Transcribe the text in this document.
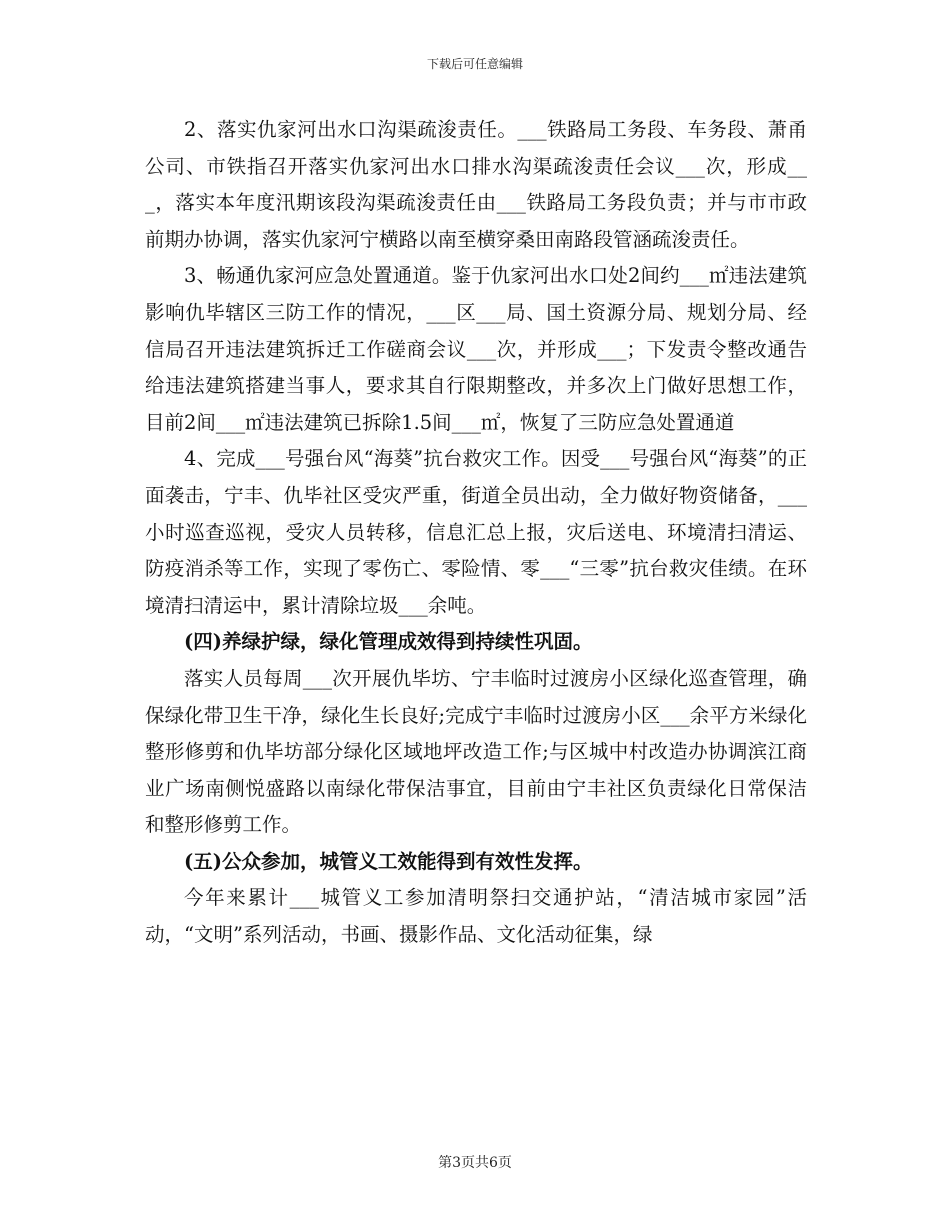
下载后可任意编辑

2、落实仇家河出水口沟渠疏浚责任。___铁路局工务段、车务段、萧甬公司、市铁指召开落实仇家河出水口排水沟渠疏浚责任会议___次，形成___，落实本年度汛期该段沟渠疏浚责任由___铁路局工务段负责；并与市市政前期办协调，落实仇家河宁横路以南至横穿桑田南路段管涵疏浚责任。

3、畅通仇家河应急处置通道。鉴于仇家河出水口处2间约___㎡违法建筑影响仇毕辖区三防工作的情况，___区___局、国土资源分局、规划分局、经信局召开违法建筑拆迁工作磋商会议___次，并形成___；下发责令整改通告给违法建筑搭建当事人，要求其自行限期整改，并多次上门做好思想工作，目前2间___㎡违法建筑已拆除1.5间___㎡，恢复了三防应急处置通道

4、完成___号强台风“海葵”抗台救灾工作。因受___号强台风“海葵”的正面袭击，宁丰、仇毕社区受灾严重，街道全员出动，全力做好物资储备，___小时巡查巡视，受灾人员转移，信息汇总上报，灾后送电、环境清扫清运、防疫消杀等工作，实现了零伤亡、零险情、零___“三零”抗台救灾佳绩。在环境清扫清运中，累计清除垃圾___余吨。

(四)养绿护绿，绿化管理成效得到持续性巩固。

落实人员每周___次开展仇毕坊、宁丰临时过渡房小区绿化巡查管理，确保绿化带卫生干净，绿化生长良好;完成宁丰临时过渡房小区___余平方米绿化整形修剪和仇毕坊部分绿化区域地坪改造工作;与区城中村改造办协调滨江商业广场南侧悦盛路以南绿化带保洁事宜，目前由宁丰社区负责绿化日常保洁和整形修剪工作。

(五)公众参加，城管义工效能得到有效性发挥。

今年来累计___城管义工参加清明祭扫交通护站，“清洁城市家园”活动，“文明”系列活动，书画、摄影作品、文化活动征集，绿

第3页共6页
